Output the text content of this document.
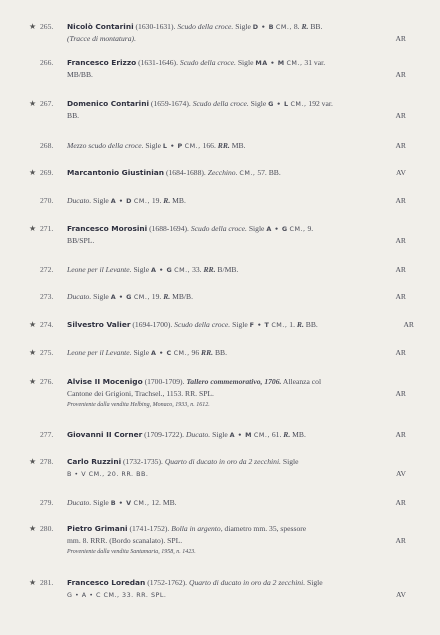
★ 265.	Nicolò Contarini (1630-1631). Scudo della croce. Sigle D • B CM., 8. R. BB.
(Tracce di montatura).	AR
266.	Francesco Erizzo (1631-1646). Scudo della croce. Sigle MA • M CM., 31 var.
MB/BB.	AR
★ 267.	Domenico Contarini (1659-1674). Scudo della croce. Sigle G • L CM., 192 var.
BB.	AR
268.	Mezzo scudo della croce. Sigle L • P CM., 166. RR. MB.	AR
★ 269.	Marcantonio Giustinian (1684-1688). Zecchino. CM., 57. BB.	AV
270.	Ducato. Sigle A • D CM., 19. R. MB.	AR
★ 271.	Francesco Morosini (1688-1694). Scudo della croce. Sigle A • G CM., 9.
BB/SPL.	AR
272.	Leone per il Levante. Sigle A • G CM., 33. RR. B/MB.	AR
273.	Ducato. Sigle A • G CM., 19. R. MB/B.	AR
★ 274.	Silvestro Valier (1694-1700). Scudo della croce. Sigle F • T CM., 1. R. BB.	AR
★ 275.	Leone per il Levante. Sigle A • C CM., 96 RR. BB.	AR
★ 276.	Alvise II Mocenigo (1700-1709). Tallero commemorativo, 1706. Alleanza col
Cantone dei Grigioni, Trachsel., 1153. RR. SPL.
Proveniente dalla vendita Helbing, Monaco, 1933, n. 1612.
AR
277.	Giovanni II Corner (1709-1722). Ducato. Sigle A • M CM., 61. R. MB.	AR
★ 278.	Carlo Ruzzini (1732-1735). Quarto di ducato in oro da 2 zecchini. Sigle
B • V CM., 20. RR. BB.	AV
279.	Ducato. Sigle B • V CM., 12. MB.	AR
★ 280.	Pietro Grimani (1741-1752). Bolla in argento, diametro mm. 35, spessore
mm. 8. RRR. (Bordo scanalato). SPL.
Proveniente dalla vendita Santamaria, 1958, n. 1423.
AR
★ 281.	Francesco Loredan (1752-1762). Quarto di ducato in oro da 2 zecchini. Sigle
G • A • C CM., 33. RR. SPL.	AV
